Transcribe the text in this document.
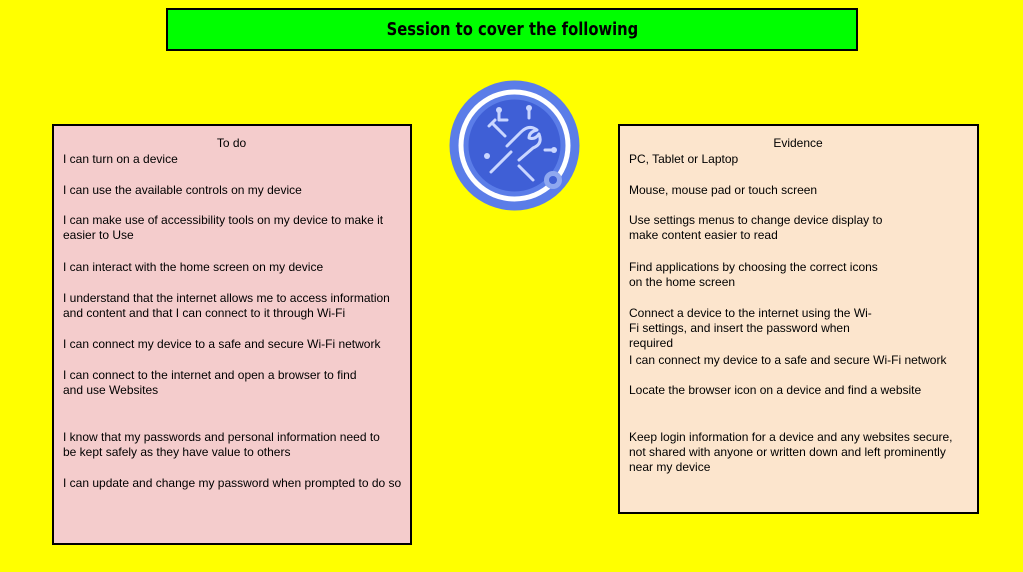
Session to cover the following

To do

I can turn on a device

I can use the available controls on my device

I can make use of accessibility tools on my device to make it easier to Use

I can interact with the home screen on my device

I understand that the internet allows me to access information and content and that I can connect to it through Wi-Fi

I can connect my device to a safe and secure Wi-Fi network

I can connect to the internet and open a browser to find and use Websites

I know that my passwords and personal information need to be kept safely as they have value to others

I can update and change my password when prompted to do so

Evidence

PC, Tablet or Laptop

Mouse, mouse pad or touch screen

Use settings menus to change device display to make content easier to read

Find applications by choosing the correct icons on the home screen

Connect a device to the internet using the Wi-Fi settings, and insert the password when required

I can connect my device to a safe and secure Wi-Fi network

Locate the browser icon on a device and find a website

Keep login information for a device and any websites secure, not shared with anyone or written down and left prominently near my device
